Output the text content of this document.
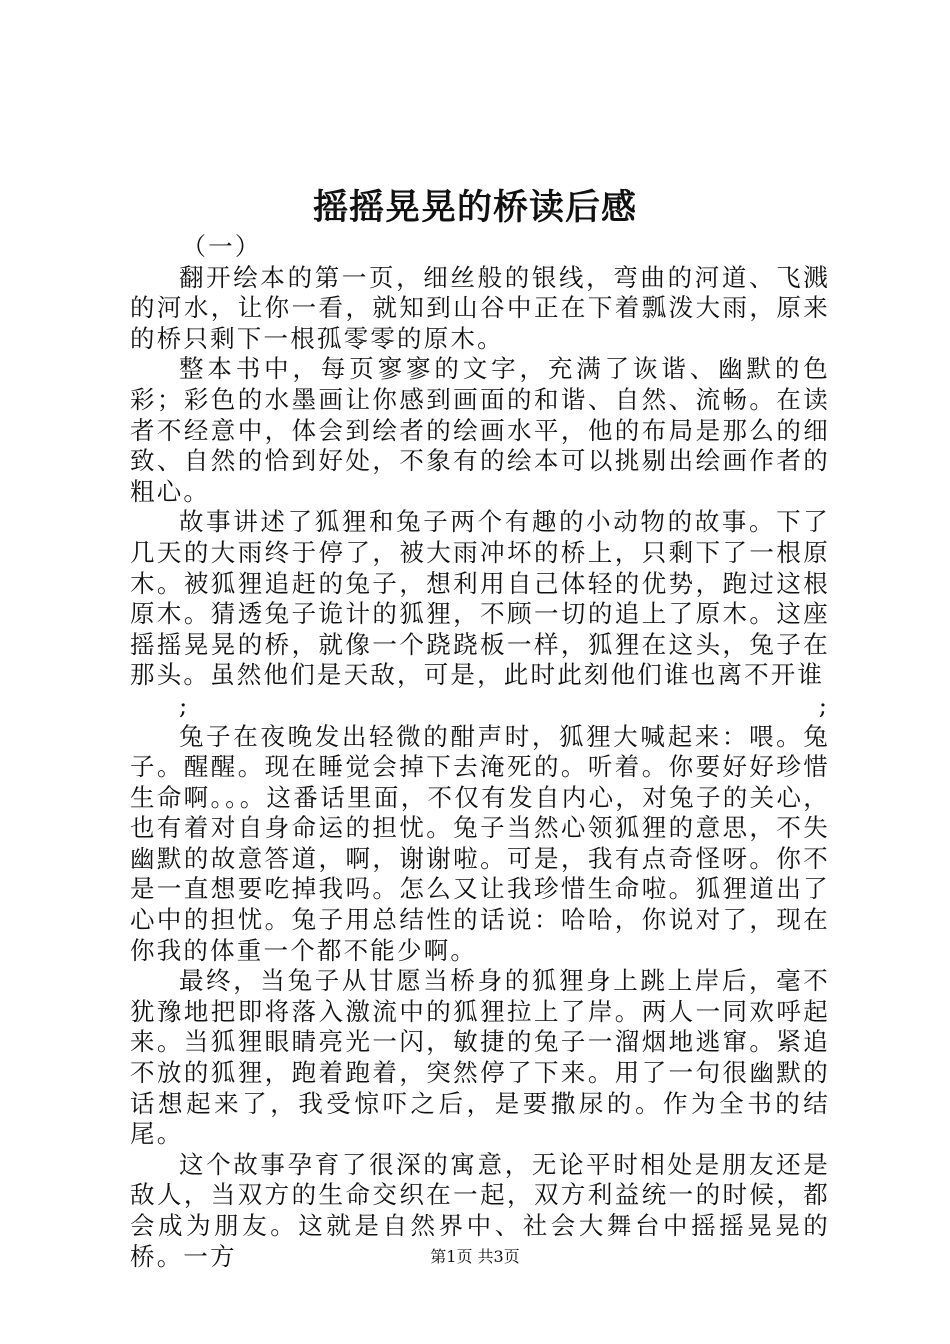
摇摇晃晃的桥读后感

（一）

翻开绘本的第一页，细丝般的银线，弯曲的河道、飞溅的河水，让你一看，就知到山谷中正在下着瓢泼大雨，原来的桥只剩下一根孤零零的原木。

整本书中，每页寥寥的文字，充满了诙谐、幽默的色彩；彩色的水墨画让你感到画面的和谐、自然、流畅。在读者不经意中，体会到绘者的绘画水平，他的布局是那么的细致、自然的恰到好处，不象有的绘本可以挑剔出绘画作者的粗心。

故事讲述了狐狸和兔子两个有趣的小动物的故事。下了几天的大雨终于停了，被大雨冲坏的桥上，只剩下了一根原木。被狐狸追赶的兔子，想利用自己体轻的优势，跑过这根原木。猜透兔子诡计的狐狸，不顾一切的追上了原木。这座摇摇晃晃的桥，就像一个跷跷板一样，狐狸在这头，兔子在那头。虽然他们是天敌，可是，此时此刻他们谁也离不开谁

; ;

兔子在夜晚发出轻微的酣声时，狐狸大喊起来：喂。兔子。醒醒。现在睡觉会掉下去淹死的。听着。你要好好珍惜生命啊。。。这番话里面，不仅有发自内心，对兔子的关心，也有着对自身命运的担忧。兔子当然心领狐狸的意思，不失幽默的故意答道，啊，谢谢啦。可是，我有点奇怪呀。你不是一直想要吃掉我吗。怎么又让我珍惜生命啦。狐狸道出了心中的担忧。兔子用总结性的话说：哈哈，你说对了，现在你我的体重一个都不能少啊。

最终，当兔子从甘愿当桥身的狐狸身上跳上岸后，毫不犹豫地把即将落入激流中的狐狸拉上了岸。两人一同欢呼起来。当狐狸眼睛亮光一闪，敏捷的兔子一溜烟地逃窜。紧追不放的狐狸，跑着跑着，突然停了下来。用了一句很幽默的话想起来了，我受惊吓之后，是要撒尿的。作为全书的结尾。

这个故事孕育了很深的寓意，无论平时相处是朋友还是敌人，当双方的生命交织在一起，双方利益统一的时候，都会成为朋友。这就是自然界中、社会大舞台中摇摇晃晃的桥。一方	第1页 共3页
